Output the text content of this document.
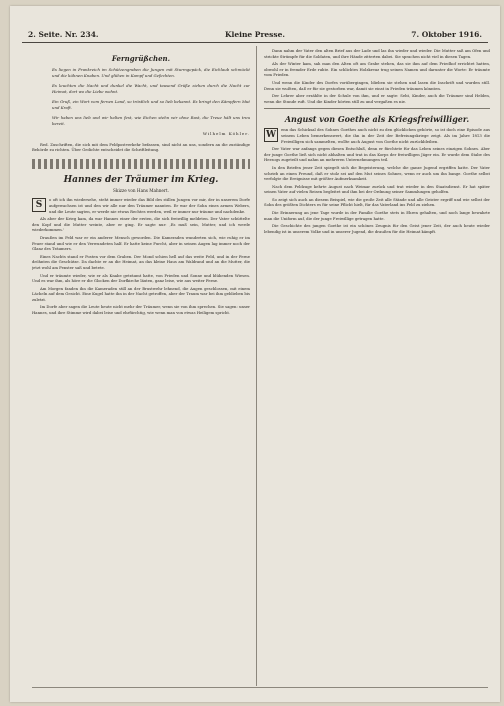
2. Seite. Nr. 234.	Kleine Presse.	7. Oktober 1916.
Ferngrüßchen.

Es liegen in Frankreich im Schützengraben die Jungen mit Sturmgepäck, die Eichlaub schmückt und die kühnen Knaben. Und glühen in Kampf und Gefechten.

Es leuchten die Nacht und dunkel die Wacht, und tausend Grüße ziehen durch die Nacht zur Heimat, dort wo die Liebe wohnt.

Ein Gruß, ein Wort vom fernen Land, so tröstlich und so lieb bekannt. Es bringt den Kämpfern Mut und Kraft.

Wir haben uns lieb und wir halten fest, wie Eichen stehn wir ohne Rast, die Treue hält uns treu bereit.

Wilhelm Köhler.

Red. Zuschriften, die sich mit dem Feldpostverkehr befassen, sind nicht an uns, sondern an die zuständige Behörde zu richten. Über Gedichte entscheidet die Schriftleitung.

Hannes der Träumer im Krieg.
Skizze von Hans Mahnert.
S

o oft ich ihn wiedersehe, steht immer wieder das Bild des stillen Jungen vor mir, der in unserem Dorfe aufgewachsen ist und den wir alle nur den Träumer nannten. Er war der Sohn eines armen Webers, und die Leute sagten, er werde nie etwas Rechtes werden, weil er immer nur träume und nachdenke.

Als aber der Krieg kam, da war Hannes einer der ersten, die sich freiwillig meldeten. Der Vater schüttelte den Kopf und die Mutter weinte, aber er ging. Er sagte nur: ,Es muß sein, Mutter, und ich werde wiederkommen.'

Draußen im Feld war er ein anderer Mensch geworden. Die Kameraden wunderten sich, wie ruhig er im Feuer stand und wie er den Verwundeten half. Er hatte keine Furcht, aber in seinen Augen lag immer noch der Glanz des Träumers.

Eines Nachts stand er Posten vor dem Graben. Der Mond schien hell auf das weite Feld, und in der Ferne dröhnten die Geschütze. Da dachte er an die Heimat, an das kleine Haus am Waldrand und an die Mutter, die jetzt wohl am Fenster saß und betete.

Und er träumte wieder, wie er als Knabe geträumt hatte, von Frieden und Sonne und blühenden Wiesen. Und es war ihm, als höre er die Glocken der Dorfkirche läuten, ganz leise, wie aus weiter Ferne.

Am Morgen fanden ihn die Kameraden still an der Brustwehr lehnend, die Augen geschlossen, mit einem Lächeln auf dem Gesicht. Eine Kugel hatte ihn in der Nacht getroffen, aber der Traum war bei ihm geblieben bis zuletzt.

Im Dorfe aber sagen die Leute heute nicht mehr der Träumer, wenn sie von ihm sprechen. Sie sagen: unser Hannes, und ihre Stimme wird dabei leise und ehrfürchtig, wie wenn man von etwas Heiligem spricht.

Dann nahm der Vater den alten Brief aus der Lade und las ihn wieder und wieder. Die Mutter saß am Ofen und strickte Strümpfe für die Soldaten, und ihre Hände zitterten dabei. Sie sprachen nicht viel in diesen Tagen.

Als der Winter kam, sah man den Alten oft am Grabe stehen, das sie ihm auf dem Friedhof errichtet hatten, obwohl er in fremder Erde ruhte. Ein schlichtes Holzkreuz trug seinen Namen und darunter die Worte: Er träumte vom Frieden.

Und wenn die Kinder des Dorfes vorübergingen, blieben sie stehen und lasen die Inschrift und wurden still. Denn sie wußten, daß er für sie gestorben war, damit sie einst in Frieden träumen könnten.

Der Lehrer aber erzählte in der Schule von ihm, und er sagte: Seht, Kinder, auch die Träumer sind Helden, wenn die Stunde ruft. Und die Kinder hörten still zu und vergaßen es nie.

Angust von Goethe als Kriegsfreiwilliger.
W

enn das Schicksal des Sohnes Goethes auch nicht zu den glücklichen gehörte, so ist doch eine Episode aus seinem Leben bemerkenswert, die ihn in der Zeit der Befreiungskriege zeigt. Als im Jahre 1813 die Freiwilligen sich sammelten, wollte auch August von Goethe nicht zurückbleiben.

Der Vater war anfangs gegen diesen Entschluß, denn er fürchtete für das Leben seines einzigen Sohnes. Aber der junge Goethe ließ sich nicht abhalten und trat in das Korps der freiwilligen Jäger ein. Er wurde dem Stabe des Herzogs zugeteilt und nahm an mehreren Unternehmungen teil.

In den Briefen jener Zeit spiegelt sich die Begeisterung, welche die ganze Jugend ergriffen hatte. Der Vater schrieb an einen Freund, daß er stolz sei auf den Mut seines Sohnes, wenn er auch um ihn bange. Goethe selbst verfolgte die Ereignisse mit größter Aufmerksamkeit.

Nach dem Feldzuge kehrte August nach Weimar zurück und trat wieder in den Staatsdienst. Er hat später seinen Vater auf vielen Reisen begleitet und ihm bei der Ordnung seiner Sammlungen geholfen.

So zeigt sich auch an diesem Beispiel, wie die große Zeit alle Stände und alle Geister ergriff und wie selbst der Sohn des größten Dichters es für seine Pflicht hielt, für das Vaterland ins Feld zu ziehen.

Die Erinnerung an jene Tage wurde in der Familie Goethe stets in Ehren gehalten, und noch lange bewahrte man die Uniform auf, die der junge Freiwillige getragen hatte.

Die Geschichte des jungen Goethe ist ein schönes Zeugnis für den Geist jener Zeit, der auch heute wieder lebendig ist in unserem Volke und in unserer Jugend, die draußen für die Heimat kämpft.
